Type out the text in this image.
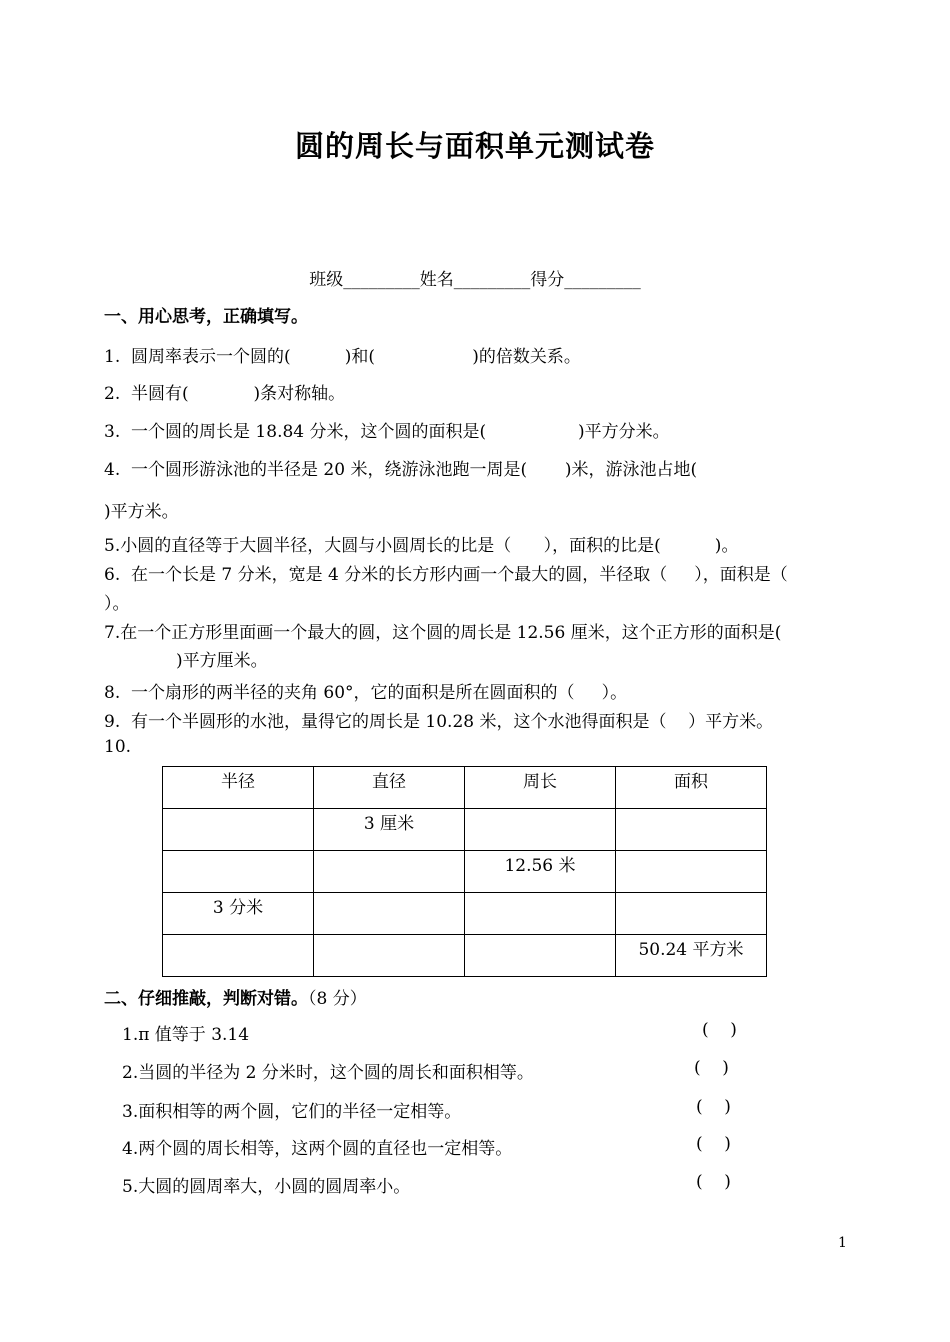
圆的周长与面积单元测试卷
班级_________姓名_________得分_________
一、用心思考，正确填写。
1.  圆周率表示一个圆的(          )和(                  )的倍数关系。
2.  半圆有(            )条对称轴。
3.  一个圆的周长是 18.84 分米，这个圆的面积是(                 )平方分米。
4.  一个圆形游泳池的半径是 20 米，绕游泳池跑一周是(       )米，游泳池占地(
)平方米。
5.小圆的直径等于大圆半径，大圆与小圆周长的比是（      ），面积的比是(          )。
6.  在一个长是 7 分米，宽是 4 分米的长方形内画一个最大的圆，半径取（     ），面积是（
）。
7.在一个正方形里面画一个最大的圆，这个圆的周长是 12.56 厘米，这个正方形的面积是(
)平方厘米。
8.  一个扇形的两半径的夹角 60°，它的面积是所在圆面积的（     ）。
9.  有一个半圆形的水池，量得它的周长是 10.28 米，这个水池得面积是（    ）平方米。
10.
半径	直径	周长	面积
	3 厘米		
		12.56 米	
3 分米			
			50.24 平方米
二、仔细推敲，判断对错。（8 分）
1.π 值等于 3.14	(    )
2.当圆的半径为 2 分米时，这个圆的周长和面积相等。	(    )
3.面积相等的两个圆，它们的半径一定相等。	(    )
4.两个圆的周长相等，这两个圆的直径也一定相等。	(    )
5.大圆的圆周率大，小圆的圆周率小。	(    )
1
